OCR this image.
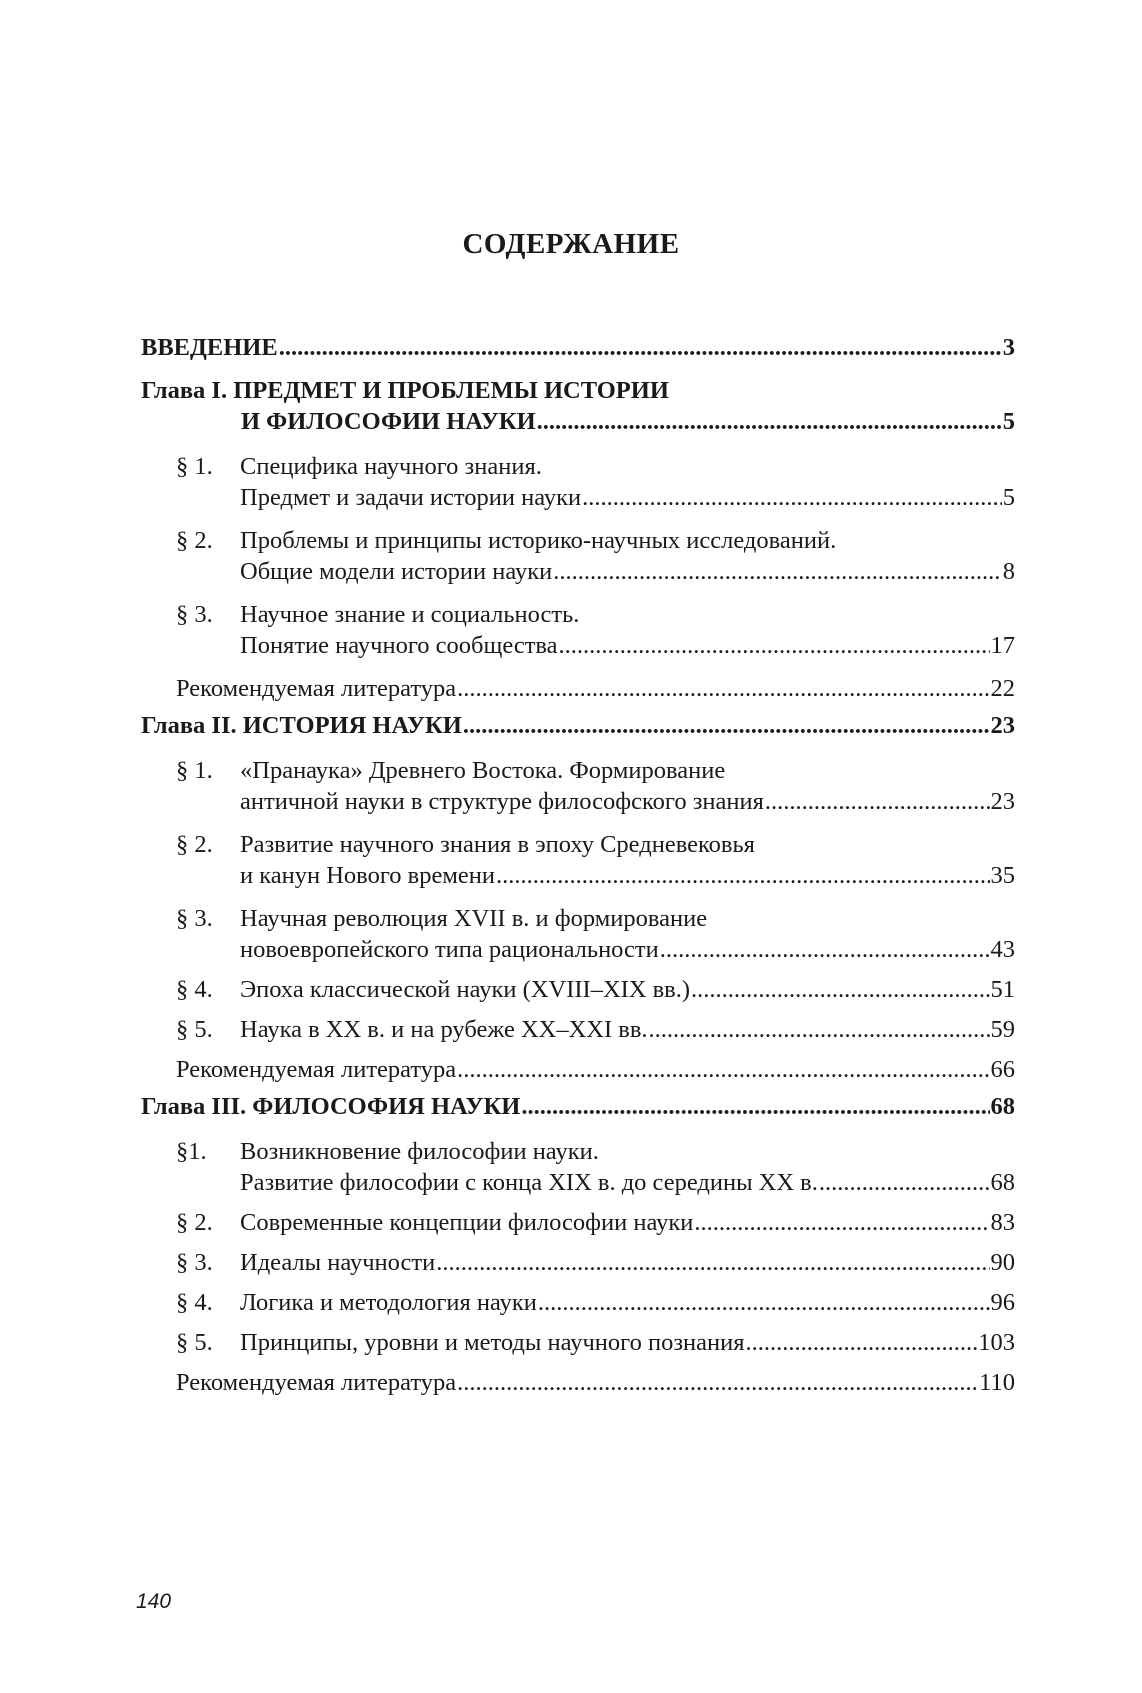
СОДЕРЖАНИЕ
ВВЕДЕНИЕ .....	3
Глава I. ПРЕДМЕТ И ПРОБЛЕМЫ ИСТОРИИ
И ФИЛОСОФИИ НАУКИ .....	5
§ 1.	Специфика научного знания.
Предмет и задачи истории науки .....	5
§ 2.	Проблемы и принципы историко-научных исследований.
Общие модели истории науки .....	8
§ 3.	Научное знание и социальность.
Понятие научного сообщества .....	17
Рекомендуемая литература .....	22
Глава II. ИСТОРИЯ НАУКИ .....	23
§ 1.	«Пранаука» Древнего Востока. Формирование
античной науки в структуре философского знания .....	23
§ 2.	Развитие научного знания в эпоху Средневековья
и канун Нового времени .....	35
§ 3.	Научная революция XVII в. и формирование
новоевропейского типа рациональности .....	43
§ 4.	Эпоха классической науки (XVIII–XIX вв.) .....	51
§ 5.	Наука в XX в. и на рубеже XX–XXI вв. .....	59
Рекомендуемая литература .....	66
Глава III. ФИЛОСОФИЯ НАУКИ .....	68
§1.	Возникновение философии науки.
Развитие философии с конца XIX в. до середины XX в. .....	68
§ 2.	Современные концепции философии науки .....	83
§ 3.	Идеалы научности .....	90
§ 4.	Логика и методология науки .....	96
§ 5.	Принципы, уровни и методы научного познания .....	103
Рекомендуемая литература .....	110
140
